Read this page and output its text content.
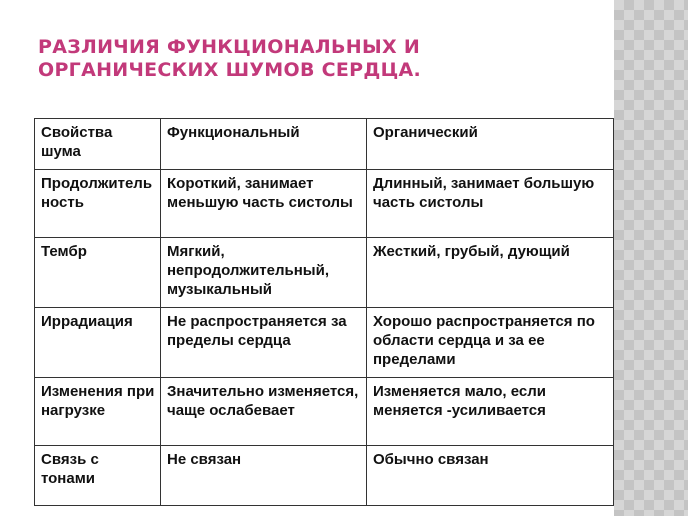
РАЗЛИЧИЯ ФУНКЦИОНАЛЬНЫХ И ОРГАНИЧЕСКИХ ШУМОВ СЕРДЦА.
Свойства шума	Функциональный	Органический
Продолжительность	Короткий, занимает меньшую часть систолы	Длинный, занимает большую часть систолы
Тембр	Мягкий, непродолжительный, музыкальный	Жесткий, грубый, дующий
Иррадиация	Не распространяется за пределы сердца	Хорошо распространяется по области сердца и за ее пределами
Изменения при нагрузке	Значительно изменяется, чаще ослабевает	Изменяется мало, если меняется -усиливается
Связь с тонами	Не связан	Обычно связан
